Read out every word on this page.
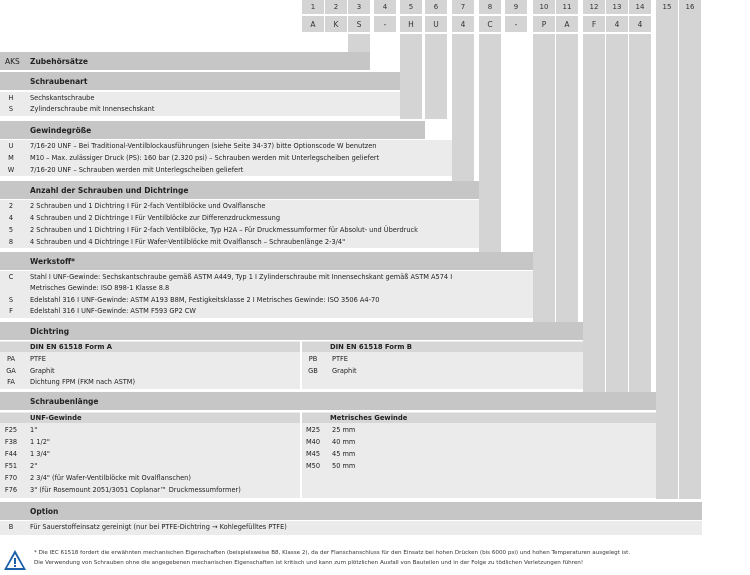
1	2	3	4	5	6	7	8	9	10	11	12	13	14	15	16
A	K	S	-	H	U	4	C	-	P	A	F	4	4
AKS Zubehörsätze
Schraubenart
H	Sechskantschraube
S	Zylinderschraube mit Innensechskant
Gewindegröße
U	7/16-20 UNF – Bei Traditional-Ventilblockausführungen (siehe Seite 34-37) bitte Optionscode W benutzen
M	M10 – Max. zulässiger Druck (PS): 160 bar (2.320 psi) – Schrauben werden mit Unterlegscheiben geliefert
W	7/16-20 UNF – Schrauben werden mit Unterlegscheiben geliefert
Anzahl der Schrauben und Dichtringe
2	2 Schrauben und 1 Dichtring I Für 2-fach Ventilblöcke und Ovalflansche
4	4 Schrauben und 2 Dichtringe I Für Ventilblöcke zur Differenzdruckmessung
5	2 Schrauben und 1 Dichtring I Für 2-fach Ventilblöcke, Typ H2A – Für Druckmessumformer für Absolut- und Überdruck
8	4 Schrauben und 4 Dichtringe I Für Wafer-Ventilblöcke mit Ovalflansch – Schraubenlänge 2-3/4"
Werkstoff*
C	Stahl I UNF-Gewinde: Sechskantschraube gemäß ASTM A449, Typ 1 I Zylinderschraube mit Innensechskant gemäß ASTM A574 I
Metrisches Gewinde: ISO 898-1 Klasse 8.8
S	Edelstahl 316 I UNF-Gewinde: ASTM A193 B8M, Festigkeitsklasse 2 I Metrisches Gewinde: ISO 3506 A4-70
F	Edelstahl 316 I UNF-Gewinde: ASTM F593 GP2 CW
Dichtring
DIN EN 61518 Form A	DIN EN 61518 Form B
PA	PTFE
GA	Graphit
FA	Dichtung FPM (FKM nach ASTM)
PB	PTFE
GB	Graphit
Schraubenlänge
UNF-Gewinde	Metrisches Gewinde
F25	1"
F38	1 1/2"
F44	1 3/4"
F51	2"
F70	2 3/4" (für Wafer-Ventilblöcke mit Ovalflanschen)
F76	3" (für Rosemount 2051/3051 Coplanar™ Druckmessumformer)
M25	25 mm
M40	40 mm
M45	45 mm
M50	50 mm
Option
B	Für Sauerstoffeinsatz gereinigt (nur bei PTFE-Dichtring → Kohlegefülltes PTFE)
* Die IEC 61518 fordert die erwähnten mechanischen Eigenschaften (beispielsweise B8, Klasse 2), da der Flanschanschluss für den Einsatz bei hohen Drücken (bis 6000 psi) und hohen Temperaturen ausgelegt ist.
Die Verwendung von Schrauben ohne die angegebenen mechanischen Eigenschaften ist kritisch und kann zum plötzlichen Ausfall von Bauteilen und in der Folge zu tödlichen Verletzungen führen!
